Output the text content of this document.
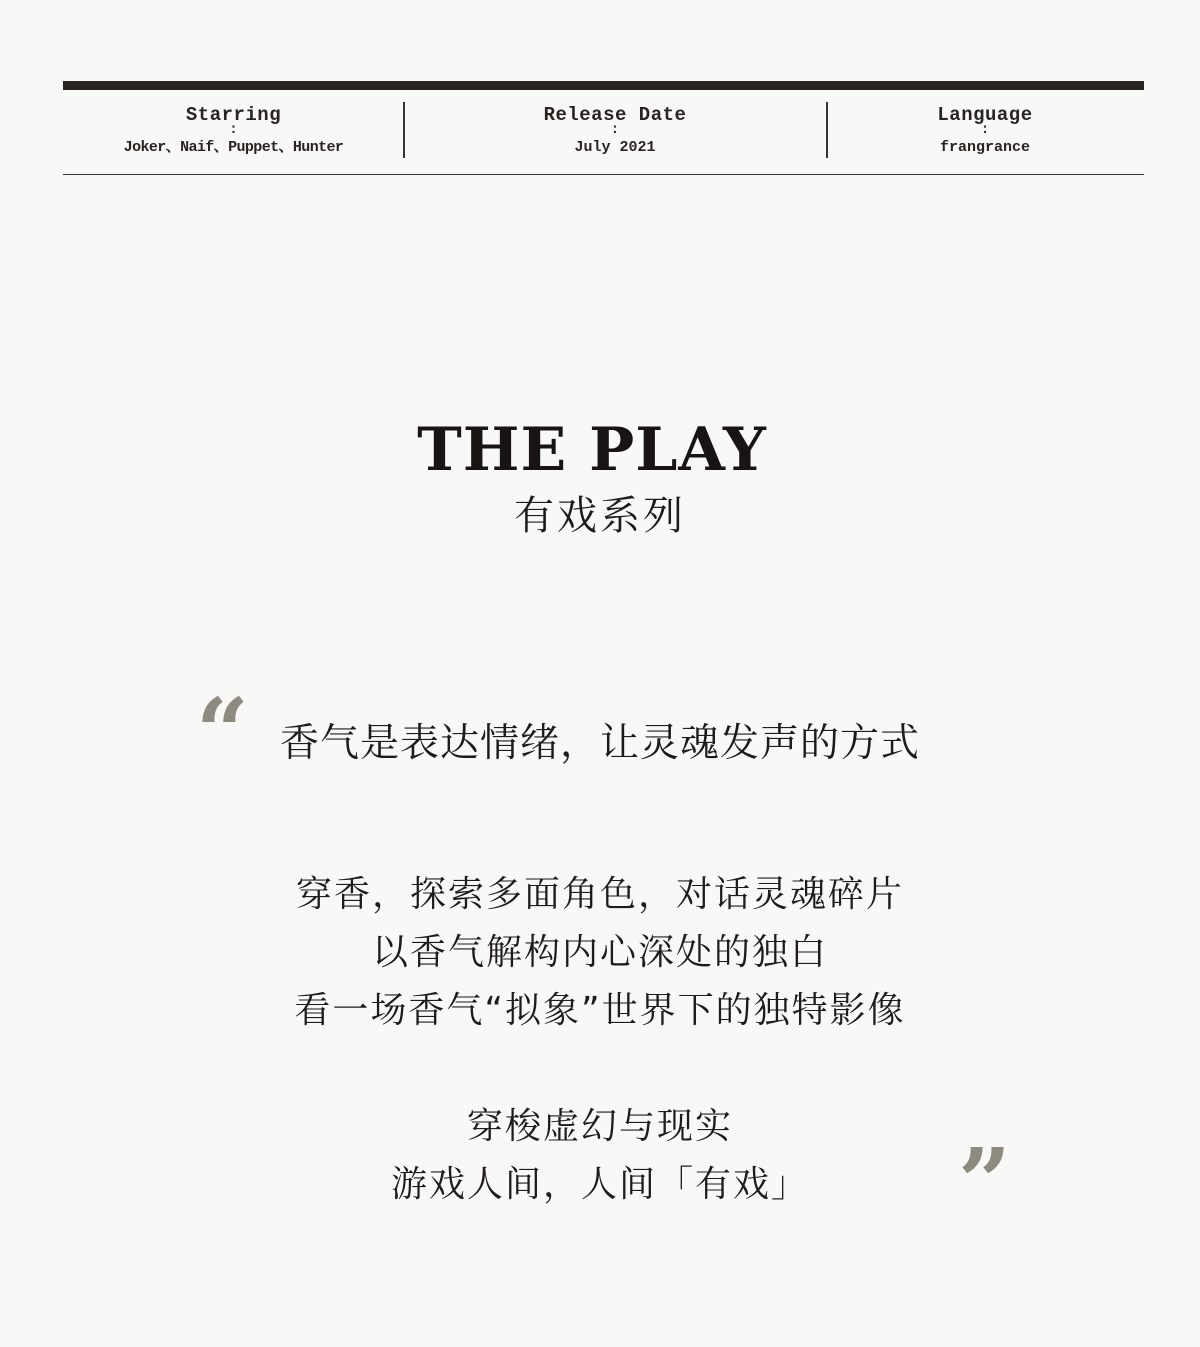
Starring
:
Joker、Naif、Puppet、Hunter
Release Date
:
July 2021
Language
:
frangrance
THE PLAY
有戏系列
“ 香气是表达情绪，让灵魂发声的方式
穿香，探索多面角色，对话灵魂碎片
以香气解构内心深处的独白
看一场香气“拟象”世界下的独特影像
穿梭虚幻与现实
游戏人间，人间「有戏」	”
